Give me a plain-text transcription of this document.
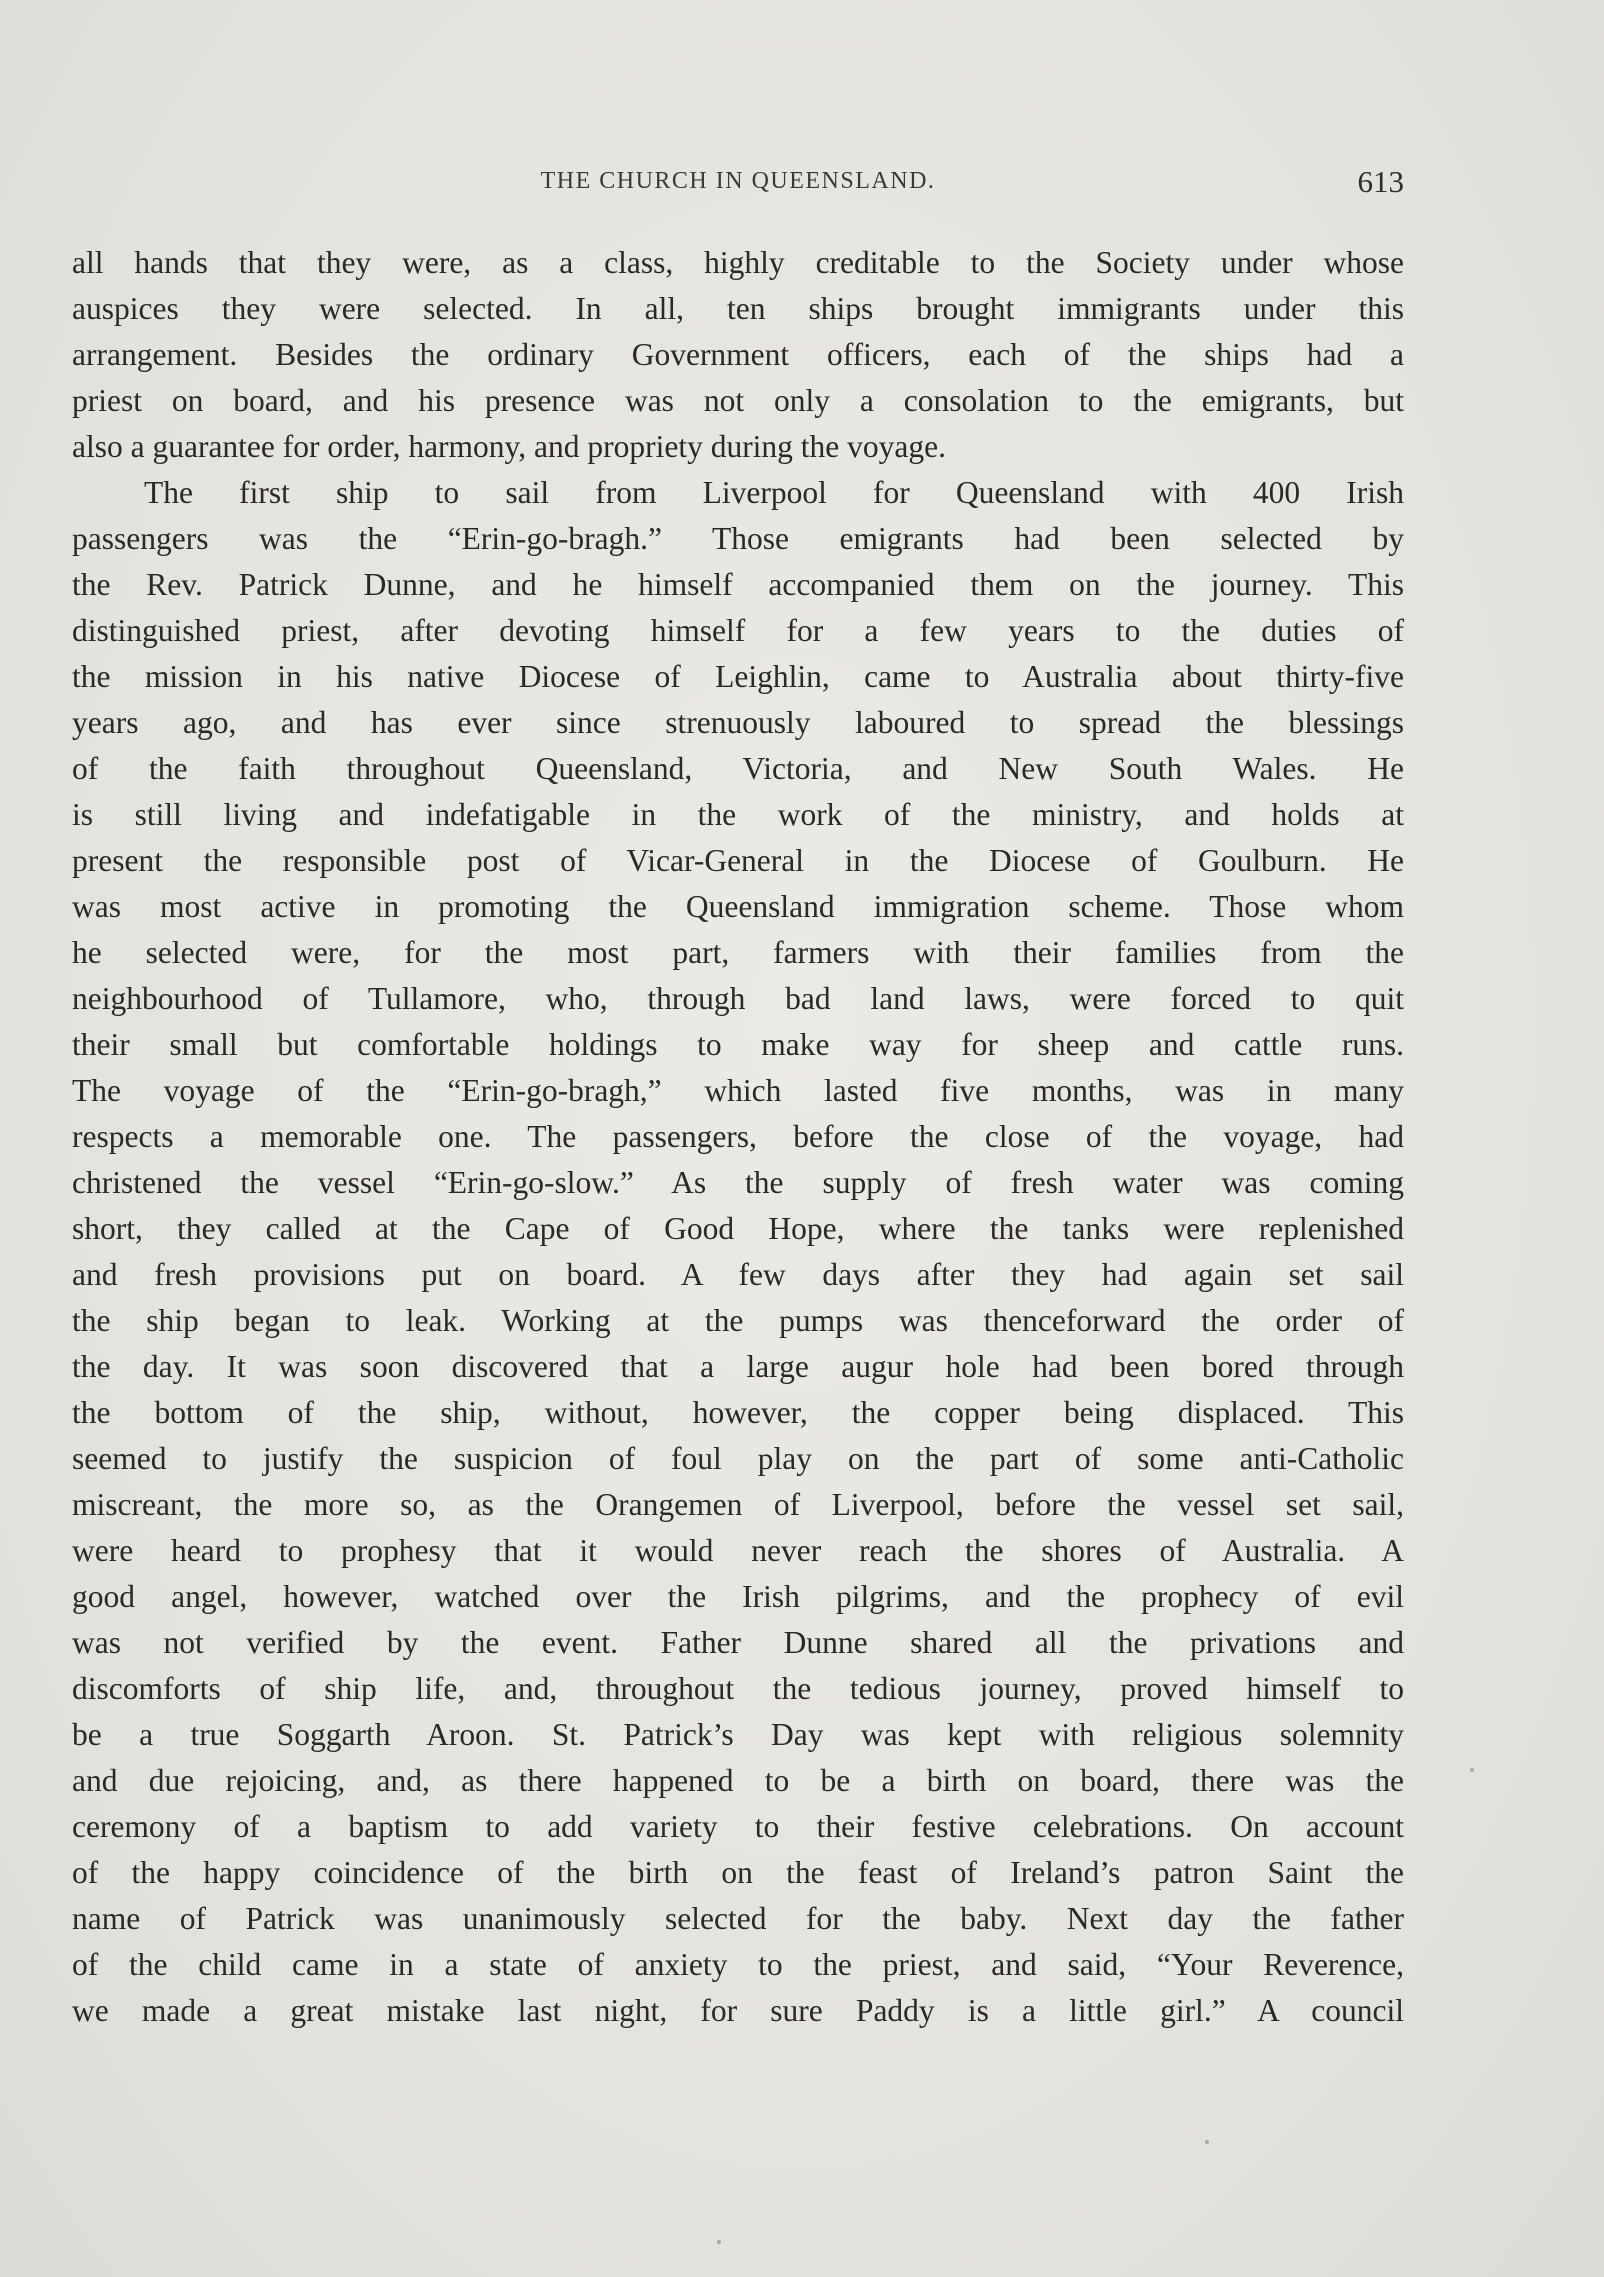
THE CHURCH IN QUEENSLAND.	613
all hands that they were, as a class, highly creditable to the Society under whose
auspices they were selected. In all, ten ships brought immigrants under this
arrangement. Besides the ordinary Government officers, each of the ships had a
priest on board, and his presence was not only a consolation to the emigrants, but
also a guarantee for order, harmony, and propriety during the voyage.
The first ship to sail from Liverpool for Queensland with 400 Irish
passengers was the “Erin-go-bragh.” Those emigrants had been selected by
the Rev. Patrick Dunne, and he himself accompanied them on the journey. This
distinguished priest, after devoting himself for a few years to the duties of
the mission in his native Diocese of Leighlin, came to Australia about thirty-five
years ago, and has ever since strenuously laboured to spread the blessings
of the faith throughout Queensland, Victoria, and New South Wales. He
is still living and indefatigable in the work of the ministry, and holds at
present the responsible post of Vicar-General in the Diocese of Goulburn. He
was most active in promoting the Queensland immigration scheme. Those whom
he selected were, for the most part, farmers with their families from the
neighbourhood of Tullamore, who, through bad land laws, were forced to quit
their small but comfortable holdings to make way for sheep and cattle runs.
The voyage of the “Erin-go-bragh,” which lasted five months, was in many
respects a memorable one. The passengers, before the close of the voyage, had
christened the vessel “Erin-go-slow.” As the supply of fresh water was coming
short, they called at the Cape of Good Hope, where the tanks were replenished
and fresh provisions put on board. A few days after they had again set sail
the ship began to leak. Working at the pumps was thenceforward the order of
the day. It was soon discovered that a large augur hole had been bored through
the bottom of the ship, without, however, the copper being displaced. This
seemed to justify the suspicion of foul play on the part of some anti-Catholic
miscreant, the more so, as the Orangemen of Liverpool, before the vessel set sail,
were heard to prophesy that it would never reach the shores of Australia. A
good angel, however, watched over the Irish pilgrims, and the prophecy of evil
was not verified by the event. Father Dunne shared all the privations and
discomforts of ship life, and, throughout the tedious journey, proved himself to
be a true Soggarth Aroon. St. Patrick’s Day was kept with religious solemnity
and due rejoicing, and, as there happened to be a birth on board, there was the
ceremony of a baptism to add variety to their festive celebrations. On account
of the happy coincidence of the birth on the feast of Ireland’s patron Saint the
name of Patrick was unanimously selected for the baby. Next day the father
of the child came in a state of anxiety to the priest, and said, “Your Reverence,
we made a great mistake last night, for sure Paddy is a little girl.” A council
